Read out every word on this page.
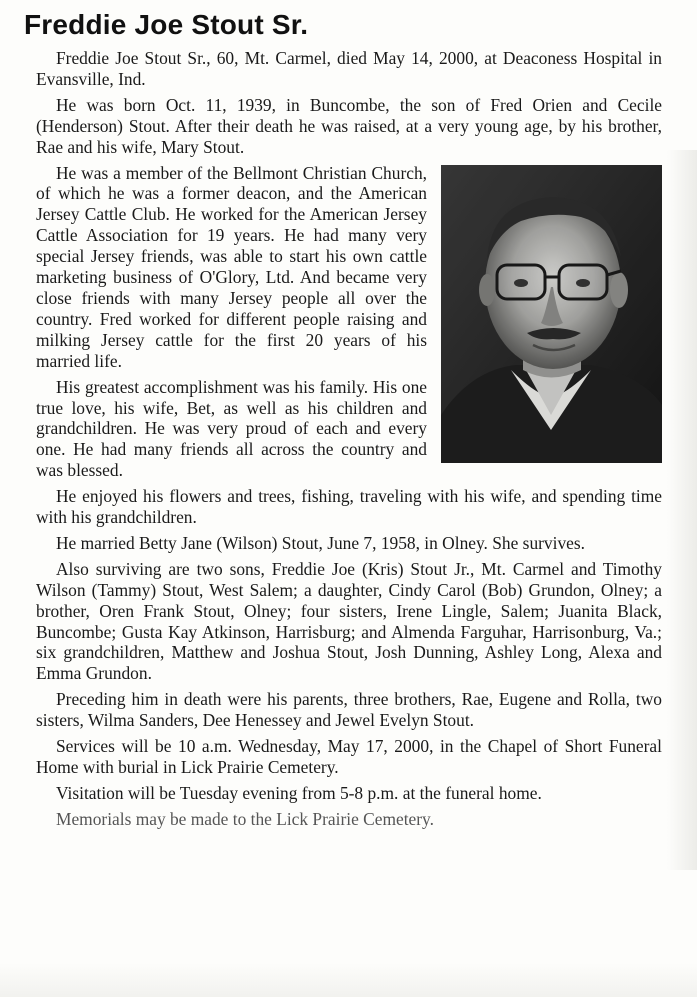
Freddie Joe Stout Sr.

Freddie Joe Stout Sr., 60, Mt. Carmel, died May 14, 2000, at Deaconess Hospital in Evansville, Ind.

He was born Oct. 11, 1939, in Buncombe, the son of Fred Orien and Cecile (Henderson) Stout. After their death he was raised, at a very young age, by his brother, Rae and his wife, Mary Stout.

He was a member of the Bellmont Christian Church, of which he was a former deacon, and the American Jersey Cattle Club. He worked for the American Jersey Cattle Association for 19 years. He had many very special Jersey friends, was able to start his own cattle marketing business of O'Glory, Ltd. And became very close friends with many Jersey people all over the country. Fred worked for different people raising and milking Jersey cattle for the first 20 years of his married life.

His greatest accomplishment was his family. His one true love, his wife, Bet, as well as his children and grandchildren. He was very proud of each and every one. He had many friends all across the country and was blessed.

He enjoyed his flowers and trees, fishing, traveling with his wife, and spending time with his grandchildren.

He married Betty Jane (Wilson) Stout, June 7, 1958, in Olney. She survives.

Also surviving are two sons, Freddie Joe (Kris) Stout Jr., Mt. Carmel and Timothy Wilson (Tammy) Stout, West Salem; a daughter, Cindy Carol (Bob) Grundon, Olney; a brother, Oren Frank Stout, Olney; four sisters, Irene Lingle, Salem; Juanita Black, Buncombe; Gusta Kay Atkinson, Harrisburg; and Almenda Farguhar, Harrisonburg, Va.; six grandchildren, Matthew and Joshua Stout, Josh Dunning, Ashley Long, Alexa and Emma Grundon.

Preceding him in death were his parents, three brothers, Rae, Eugene and Rolla, two sisters, Wilma Sanders, Dee Henessey and Jewel Evelyn Stout.

Services will be 10 a.m. Wednesday, May 17, 2000, in the Chapel of Short Funeral Home with burial in Lick Prairie Cemetery.

Visitation will be Tuesday evening from 5-8 p.m. at the funeral home.

Memorials may be made to the Lick Prairie Cemetery.
